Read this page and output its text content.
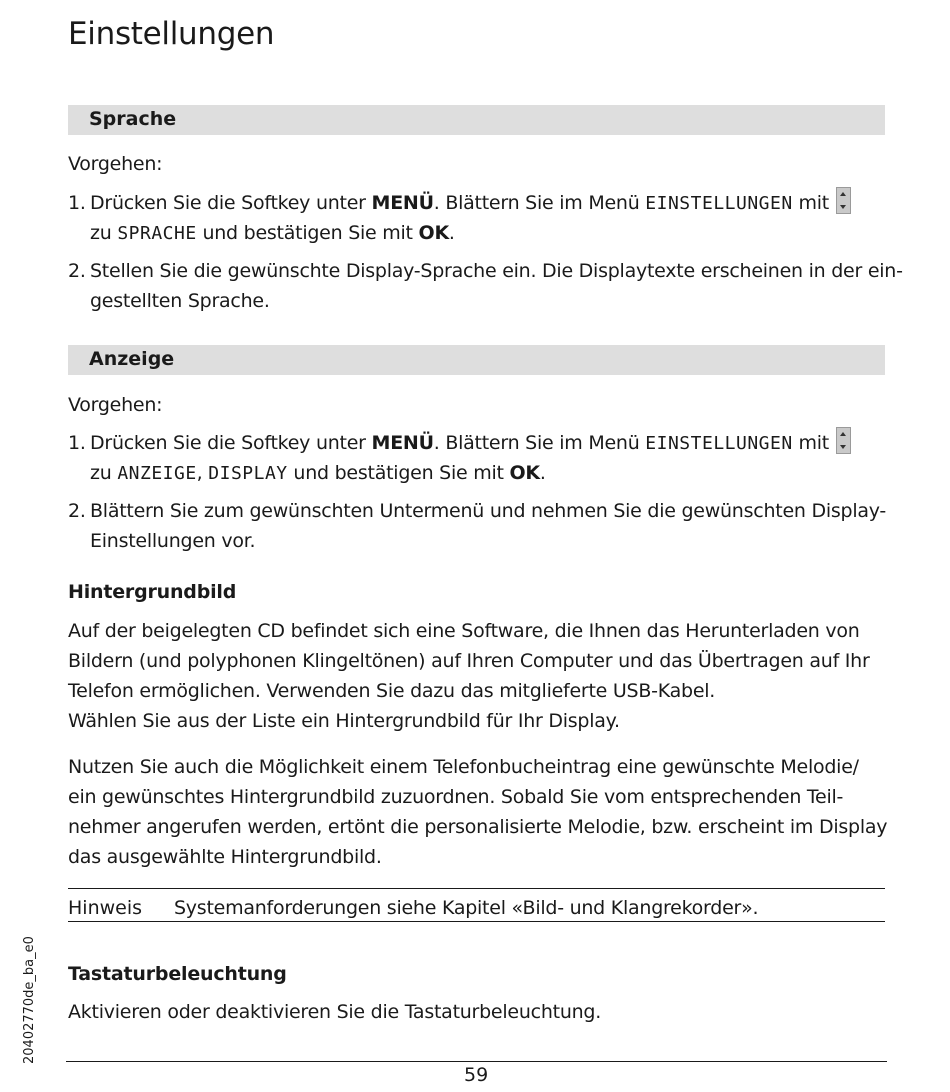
Einstellungen
Sprache
Vorgehen:
1. Drücken Sie die Softkey unter MENÜ. Blättern Sie im Menü EINSTELLUNGEN mit
zu SPRACHE und bestätigen Sie mit OK.
2. Stellen Sie die gewünschte Display-Sprache ein. Die Displaytexte erscheinen in der ein-
gestellten Sprache.
Anzeige
Vorgehen:
1. Drücken Sie die Softkey unter MENÜ. Blättern Sie im Menü EINSTELLUNGEN mit
zu ANZEIGE, DISPLAY und bestätigen Sie mit OK.
2. Blättern Sie zum gewünschten Untermenü und nehmen Sie die gewünschten Display-
Einstellungen vor.
Hintergrundbild
Auf der beigelegten CD befindet sich eine Software, die Ihnen das Herunterladen von
Bildern (und polyphonen Klingeltönen) auf Ihren Computer und das Übertragen auf Ihr
Telefon ermöglichen. Verwenden Sie dazu das mitglieferte USB-Kabel.
Wählen Sie aus der Liste ein Hintergrundbild für Ihr Display.
Nutzen Sie auch die Möglichkeit einem Telefonbucheintrag eine gewünschte Melodie/
ein gewünschtes Hintergrundbild zuzuordnen. Sobald Sie vom entsprechenden Teil-
nehmer angerufen werden, ertönt die personalisierte Melodie, bzw. erscheint im Display
das ausgewählte Hintergrundbild.
Hinweis Systemanforderungen siehe Kapitel «Bild- und Klangrekorder».
Tastaturbeleuchtung
Aktivieren oder deaktivieren Sie die Tastaturbeleuchtung.
20402770de_ba_e0
59
